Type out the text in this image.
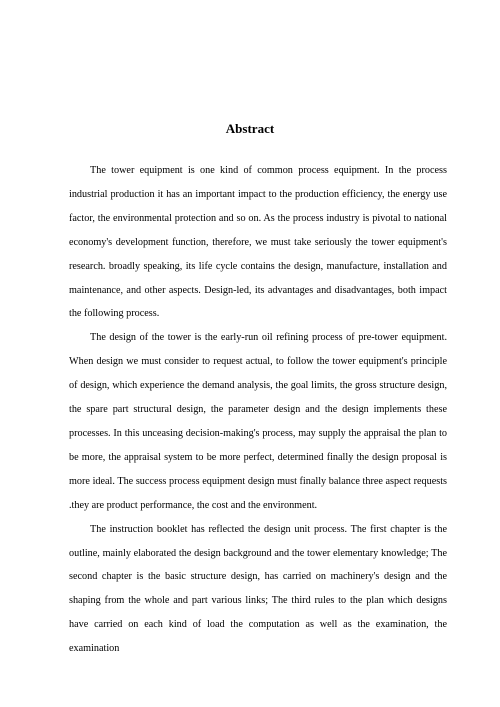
Abstract

The tower equipment is one kind of common process equipment. In the process industrial production it has an important impact to the production efficiency, the energy use factor, the environmental protection and so on. As the process industry is pivotal to national economy's development function, therefore, we must take seriously the tower equipment's research. broadly speaking, its life cycle contains the design, manufacture, installation and maintenance, and other aspects. Design-led, its advantages and disadvantages, both impact the following process.

The design of the tower is the early-run oil refining process of pre-tower equipment. When design we must consider to request actual, to follow the tower equipment's principle of design, which experience the demand analysis, the goal limits, the gross structure design, the spare part structural design, the parameter design and the design implements these processes. In this unceasing decision-making's process, may supply the appraisal the plan to be more, the appraisal system to be more perfect, determined finally the design proposal is more ideal. The success process equipment design must finally balance three aspect requests .they are product performance, the cost and the environment.

The instruction booklet has reflected the design unit process. The first chapter is the outline, mainly elaborated the design background and the tower elementary knowledge; The second chapter is the basic structure design, has carried on machinery's design and the shaping from the whole and part various links; The third rules to the plan which designs have carried on each kind of load the computation as well as the examination, the examination
